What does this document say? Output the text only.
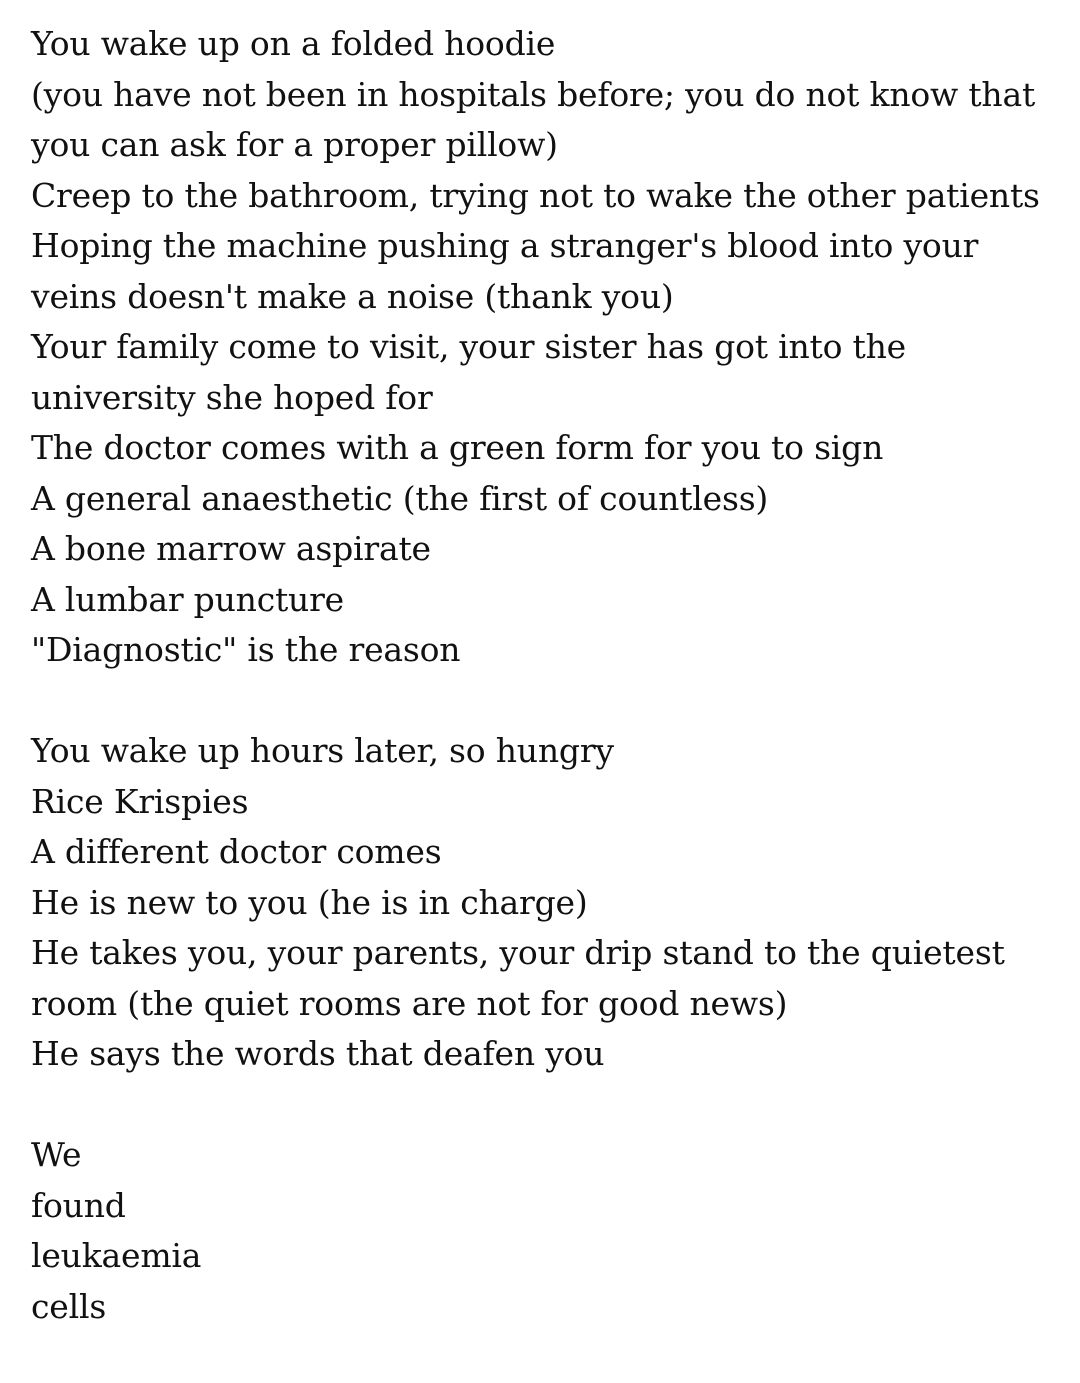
You wake up on a folded hoodie
(you have not been in hospitals before; you do not know that you can ask for a proper pillow)
Creep to the bathroom, trying not to wake the other patients
Hoping the machine pushing a stranger's blood into your veins doesn't make a noise (thank you)
Your family come to visit, your sister has got into the university she hoped for
The doctor comes with a green form for you to sign
A general anaesthetic (the first of countless)
A bone marrow aspirate
A lumbar puncture
"Diagnostic" is the reason
You wake up hours later, so hungry
Rice Krispies
A different doctor comes
He is new to you (he is in charge)
He takes you, your parents, your drip stand to the quietest room (the quiet rooms are not for good news)
He says the words that deafen you
We
found
leukaemia
cells
